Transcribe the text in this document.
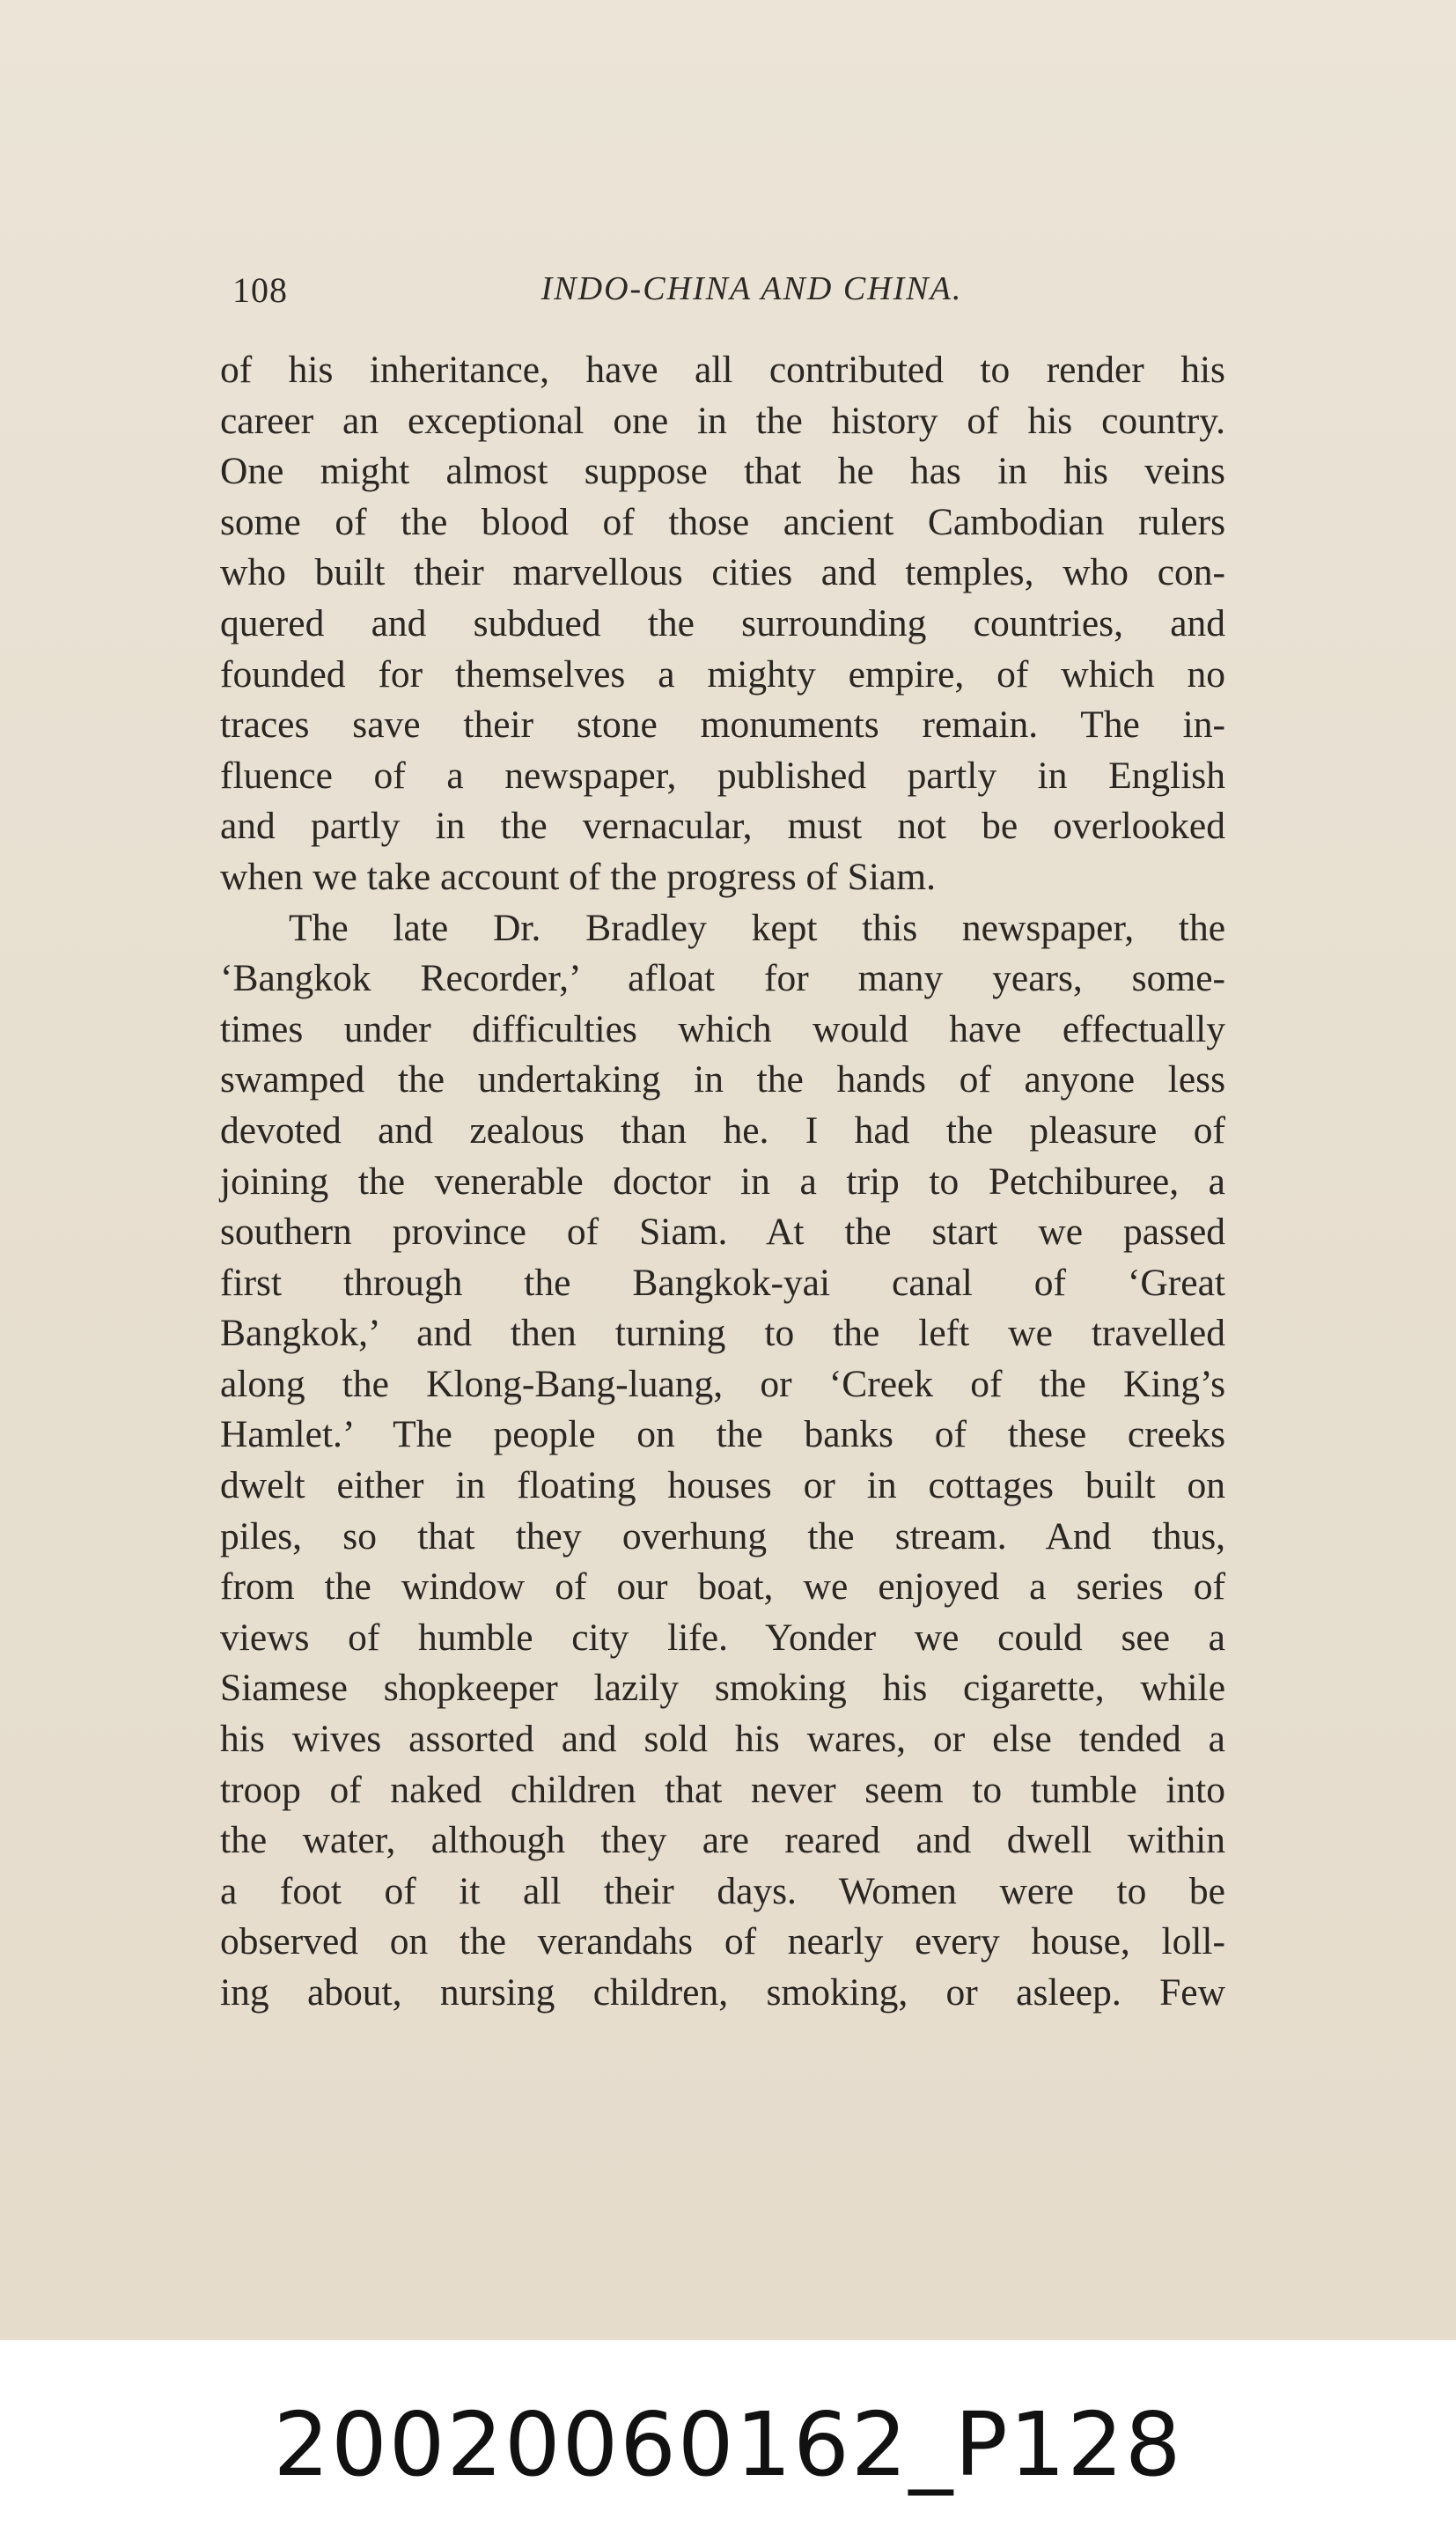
108	INDO-CHINA AND CHINA.

of his inheritance, have all contributed to render his
career an exceptional one in the history of his country.
One might almost suppose that he has in his veins
some of the blood of those ancient Cambodian rulers
who built their marvellous cities and temples, who con-
quered and subdued the surrounding countries, and
founded for themselves a mighty empire, of which no
traces save their stone monuments remain. The in-
fluence of a newspaper, published partly in English
and partly in the vernacular, must not be overlooked
when we take account of the progress of Siam.

The late Dr. Bradley kept this newspaper, the
‘Bangkok Recorder,’ afloat for many years, some-
times under difficulties which would have effectually
swamped the undertaking in the hands of anyone less
devoted and zealous than he. I had the pleasure of
joining the venerable doctor in a trip to Petchiburee, a
southern province of Siam. At the start we passed
first through the Bangkok-yai canal of ‘Great
Bangkok,’ and then turning to the left we travelled
along the Klong-Bang-luang, or ‘Creek of the King’s
Hamlet.’ The people on the banks of these creeks
dwelt either in floating houses or in cottages built on
piles, so that they overhung the stream. And thus,
from the window of our boat, we enjoyed a series of
views of humble city life. Yonder we could see a
Siamese shopkeeper lazily smoking his cigarette, while
his wives assorted and sold his wares, or else tended a
troop of naked children that never seem to tumble into
the water, although they are reared and dwell within
a foot of it all their days. Women were to be
observed on the verandahs of nearly every house, loll-
ing about, nursing children, smoking, or asleep. Few

20020060162_P128
